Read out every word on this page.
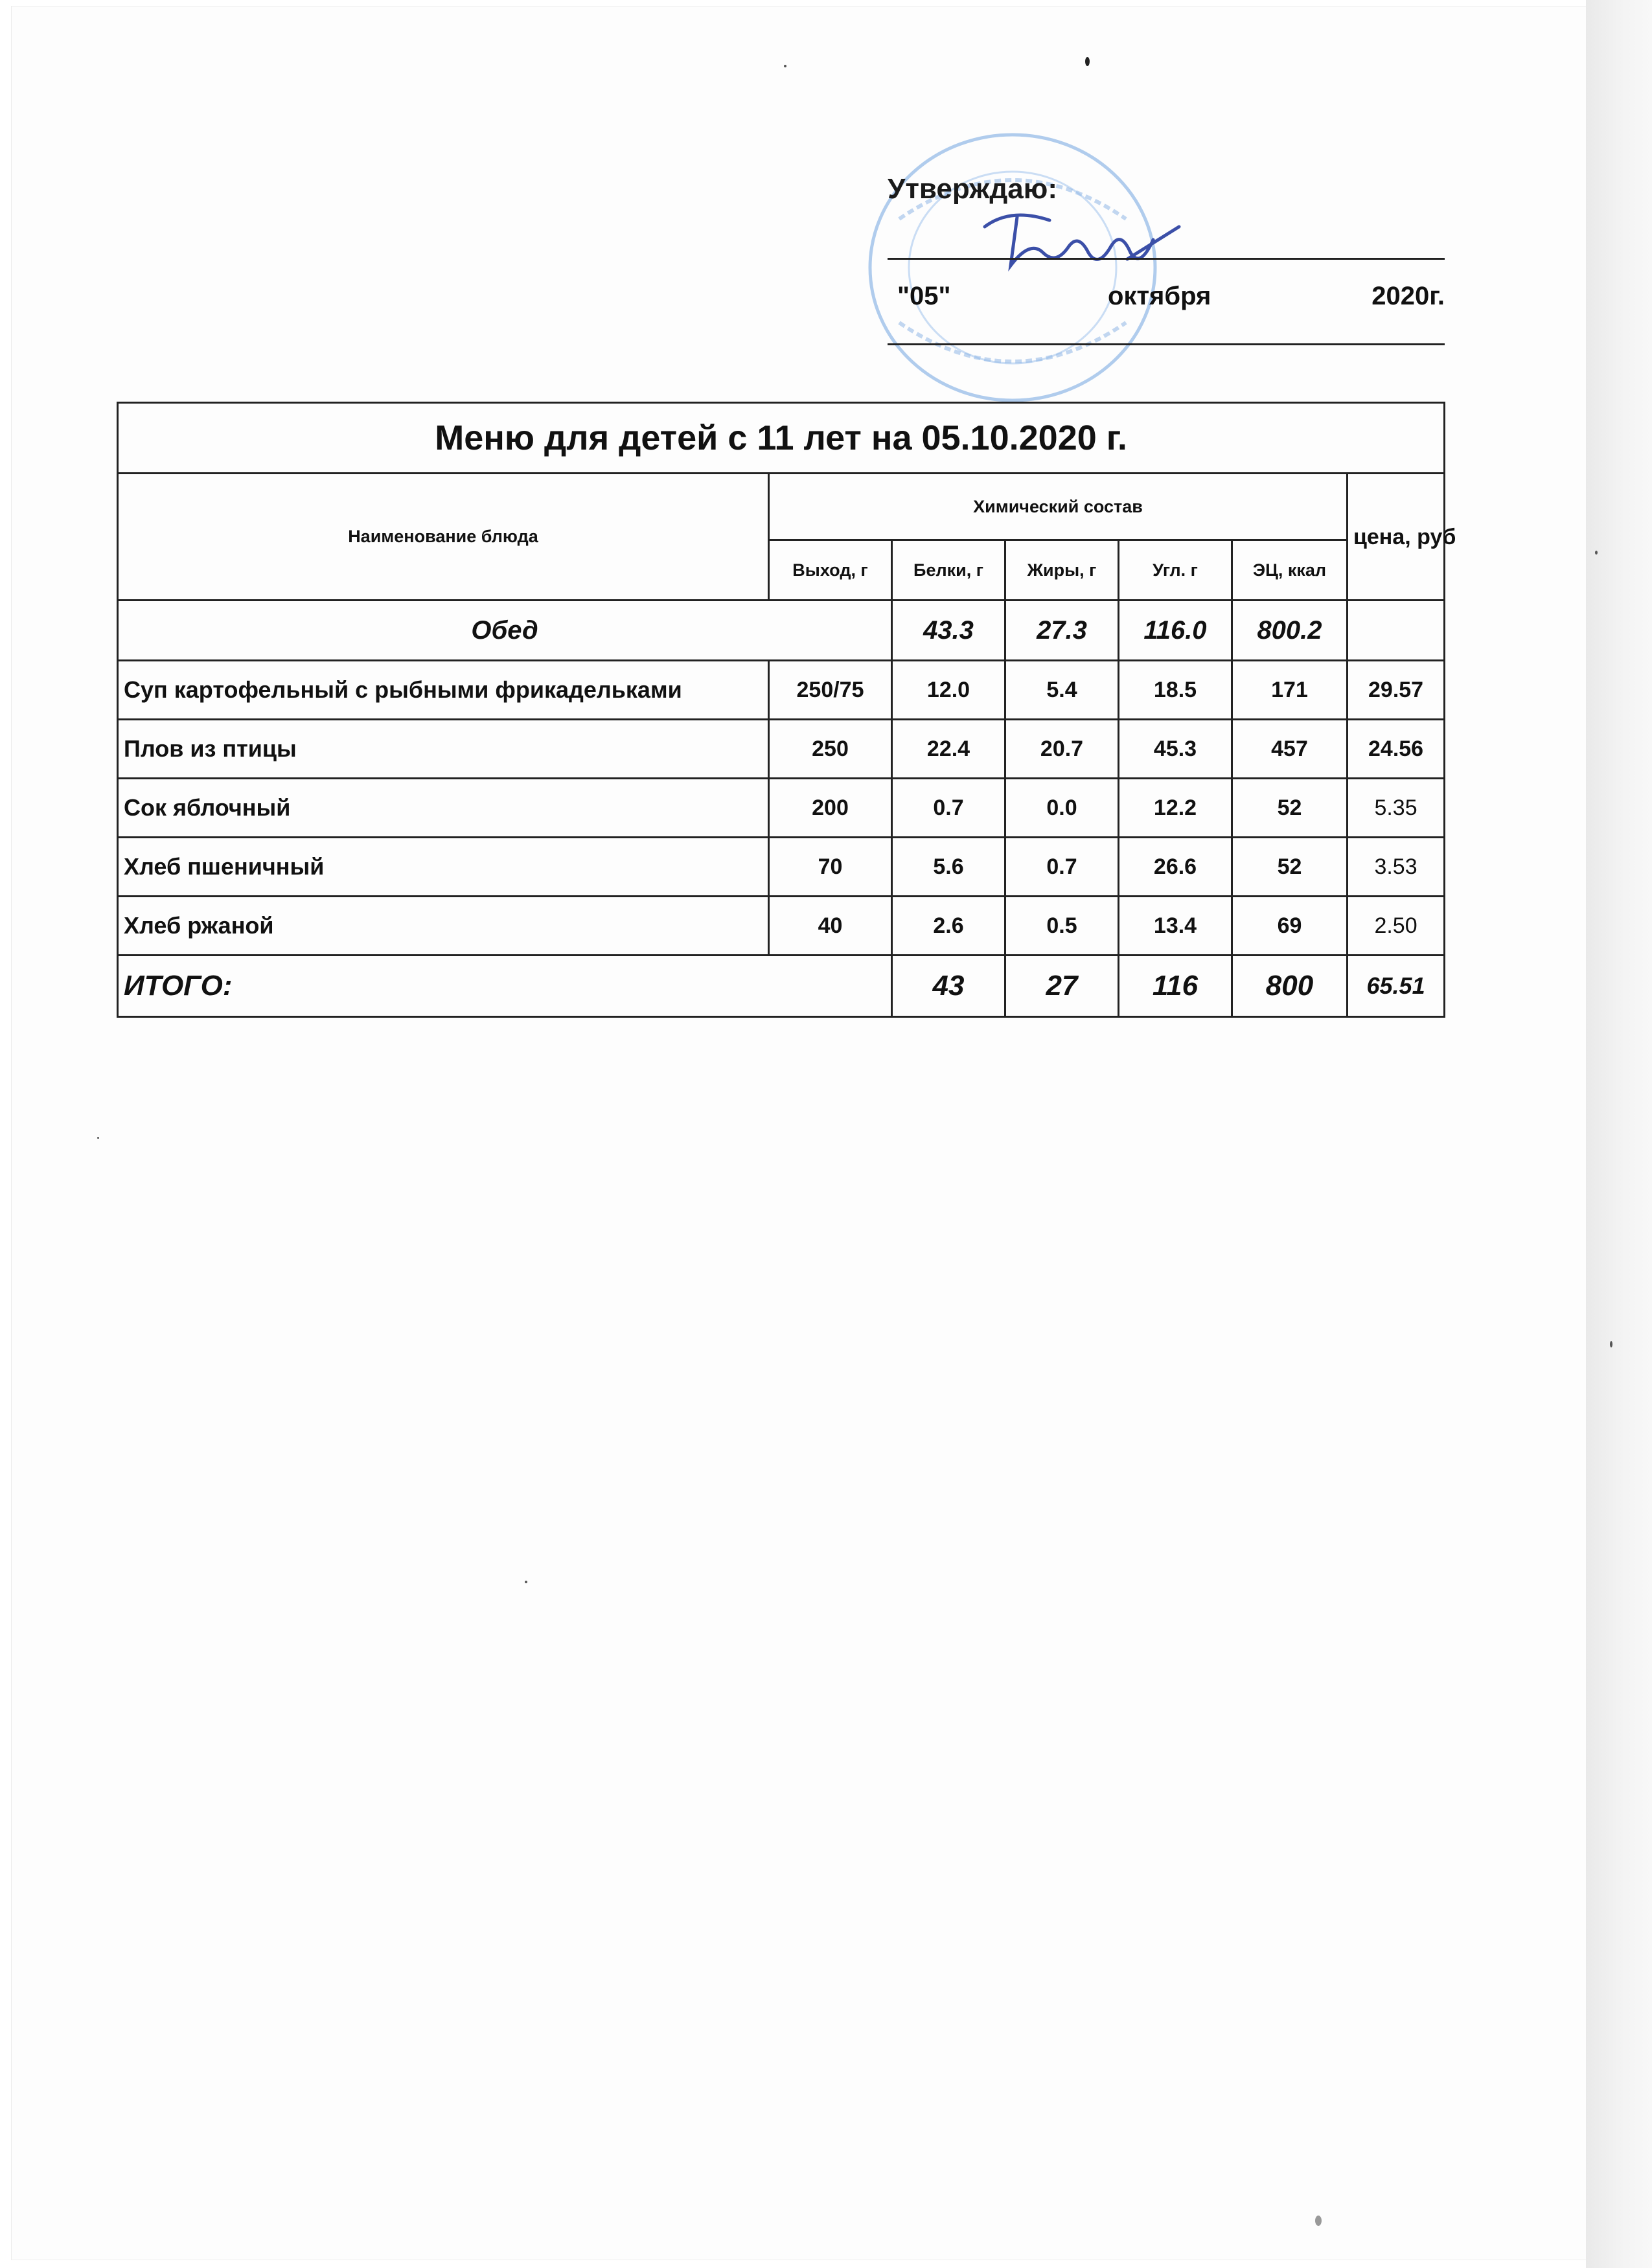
Утверждаю:
"05"	октября	2020г.
Меню для детей с 11 лет на 05.10.2020 г.						
Наименование блюда	Химический состав					цена, руб
	Выход, г	Белки, г	Жиры, г	Угл. г	ЭЦ, ккал	
Обед		43.3	27.3	116.0	800.2	
Суп картофельный с рыбными фрикадельками	250/75	12.0	5.4	18.5	171	29.57
Плов из птицы	250	22.4	20.7	45.3	457	24.56
Сок яблочный	200	0.7	0.0	12.2	52	5.35
Хлеб пшеничный	70	5.6	0.7	26.6	52	3.53
Хлеб ржаной	40	2.6	0.5	13.4	69	2.50
ИТОГО:		43	27	116	800	65.51
